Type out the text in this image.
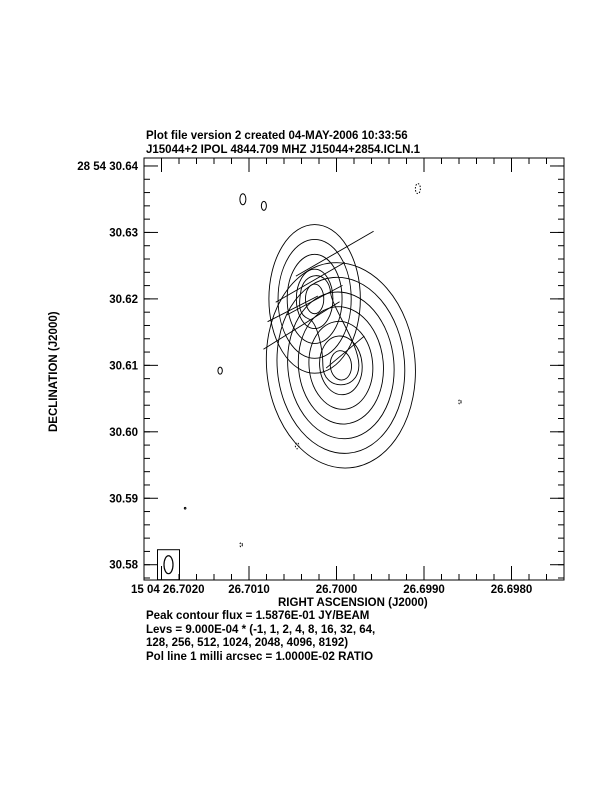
Plot file version 2 created 04-MAY-2006 10:33:56
J15044+2 IPOL 4844.709 MHZ J15044+2854.ICLN.1
15 04 26.7020 26.7010	26.7000	26.6990	26.6980
28 54 30.64
30.63
30.62
30.61
30.60
30.59
30.58
DECLINATION (J2000)
RIGHT ASCENSION (J2000)
Peak contour flux = 1.5876E-01 JY/BEAM
Levs = 9.000E-04 * (-1, 1, 2, 4, 8, 16, 32, 64,
128, 256, 512, 1024, 2048, 4096, 8192)
Pol line 1 milli arcsec = 1.0000E-02 RATIO
